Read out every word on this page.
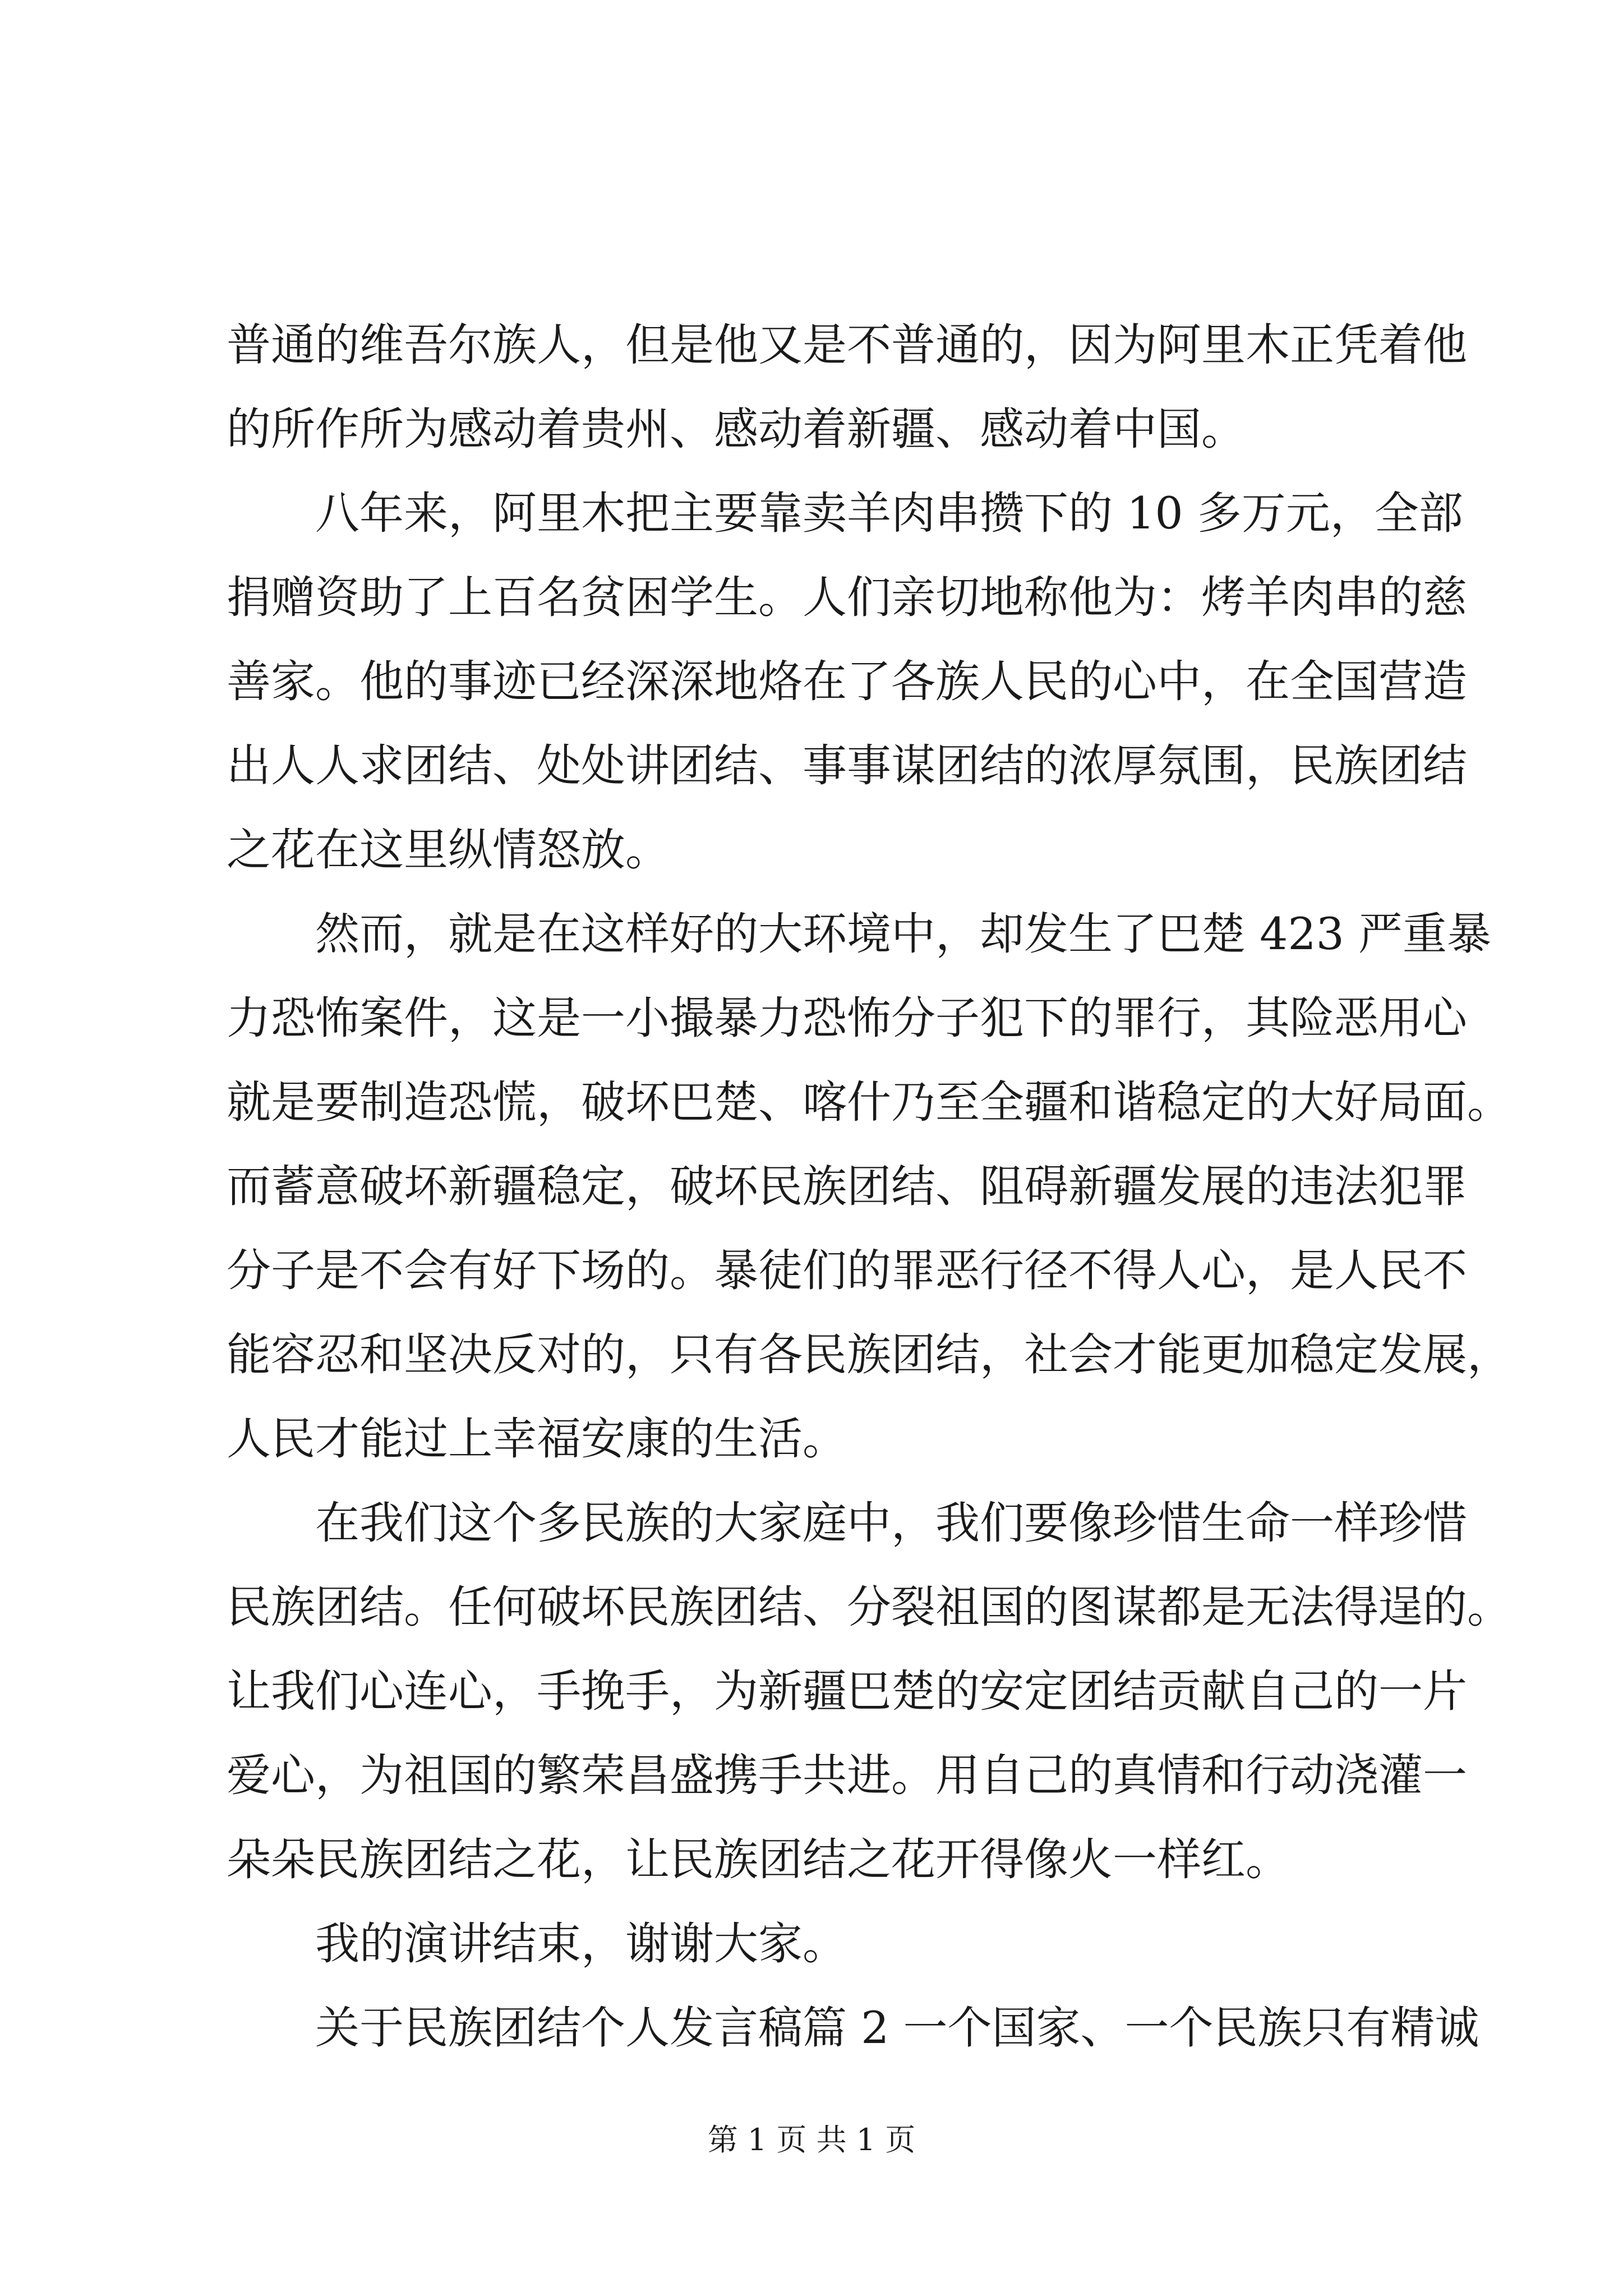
普通的维吾尔族人，但是他又是不普通的，因为阿里木正凭着他
的所作所为感动着贵州、感动着新疆、感动着中国。
八年来，阿里木把主要靠卖羊肉串攒下的 10 多万元，全部
捐赠资助了上百名贫困学生。人们亲切地称他为：烤羊肉串的慈
善家。他的事迹已经深深地烙在了各族人民的心中，在全国营造
出人人求团结、处处讲团结、事事谋团结的浓厚氛围，民族团结
之花在这里纵情怒放。
然而，就是在这样好的大环境中，却发生了巴楚 423 严重暴
力恐怖案件，这是一小撮暴力恐怖分子犯下的罪行，其险恶用心
就是要制造恐慌，破坏巴楚、喀什乃至全疆和谐稳定的大好局面。
而蓄意破坏新疆稳定，破坏民族团结、阻碍新疆发展的违法犯罪
分子是不会有好下场的。暴徒们的罪恶行径不得人心，是人民不
能容忍和坚决反对的，只有各民族团结，社会才能更加稳定发展，
人民才能过上幸福安康的生活。
在我们这个多民族的大家庭中，我们要像珍惜生命一样珍惜
民族团结。任何破坏民族团结、分裂祖国的图谋都是无法得逞的。
让我们心连心，手挽手，为新疆巴楚的安定团结贡献自己的一片
爱心，为祖国的繁荣昌盛携手共进。用自己的真情和行动浇灌一
朵朵民族团结之花，让民族团结之花开得像火一样红。
我的演讲结束，谢谢大家。
关于民族团结个人发言稿篇 2 一个国家、一个民族只有精诚
第 1 页 共 1 页
